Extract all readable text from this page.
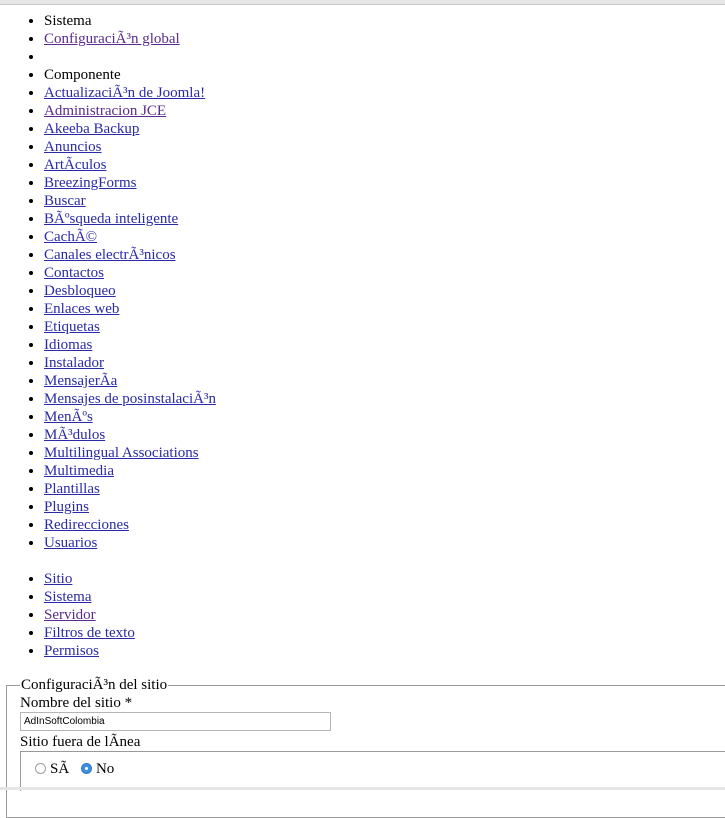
• Sistema
• ConfiguraciÃ³n global
•
• Componente
• ActualizaciÃ³n de Joomla!
• Administracion JCE
• Akeeba Backup
• Anuncios
• ArtÃculos
• BreezingForms
• Buscar
• BÃºsqueda inteligente
• CachÃ©
• Canales electrÃ³nicos
• Contactos
• Desbloqueo
• Enlaces web
• Etiquetas
• Idiomas
• Instalador
• MensajerÃa
• Mensajes de posinstalaciÃ³n
• MenÃºs
• MÃ³dulos
• Multilingual Associations
• Multimedia
• Plantillas
• Plugins
• Redirecciones
• Usuarios
• Sitio
• Sistema
• Servidor
• Filtros de texto
• Permisos
ConfiguraciÃ³n del sitio
Nombre del sitio *
AdInSoftColombia
Sitio fuera de lÃnea
SÃ No
